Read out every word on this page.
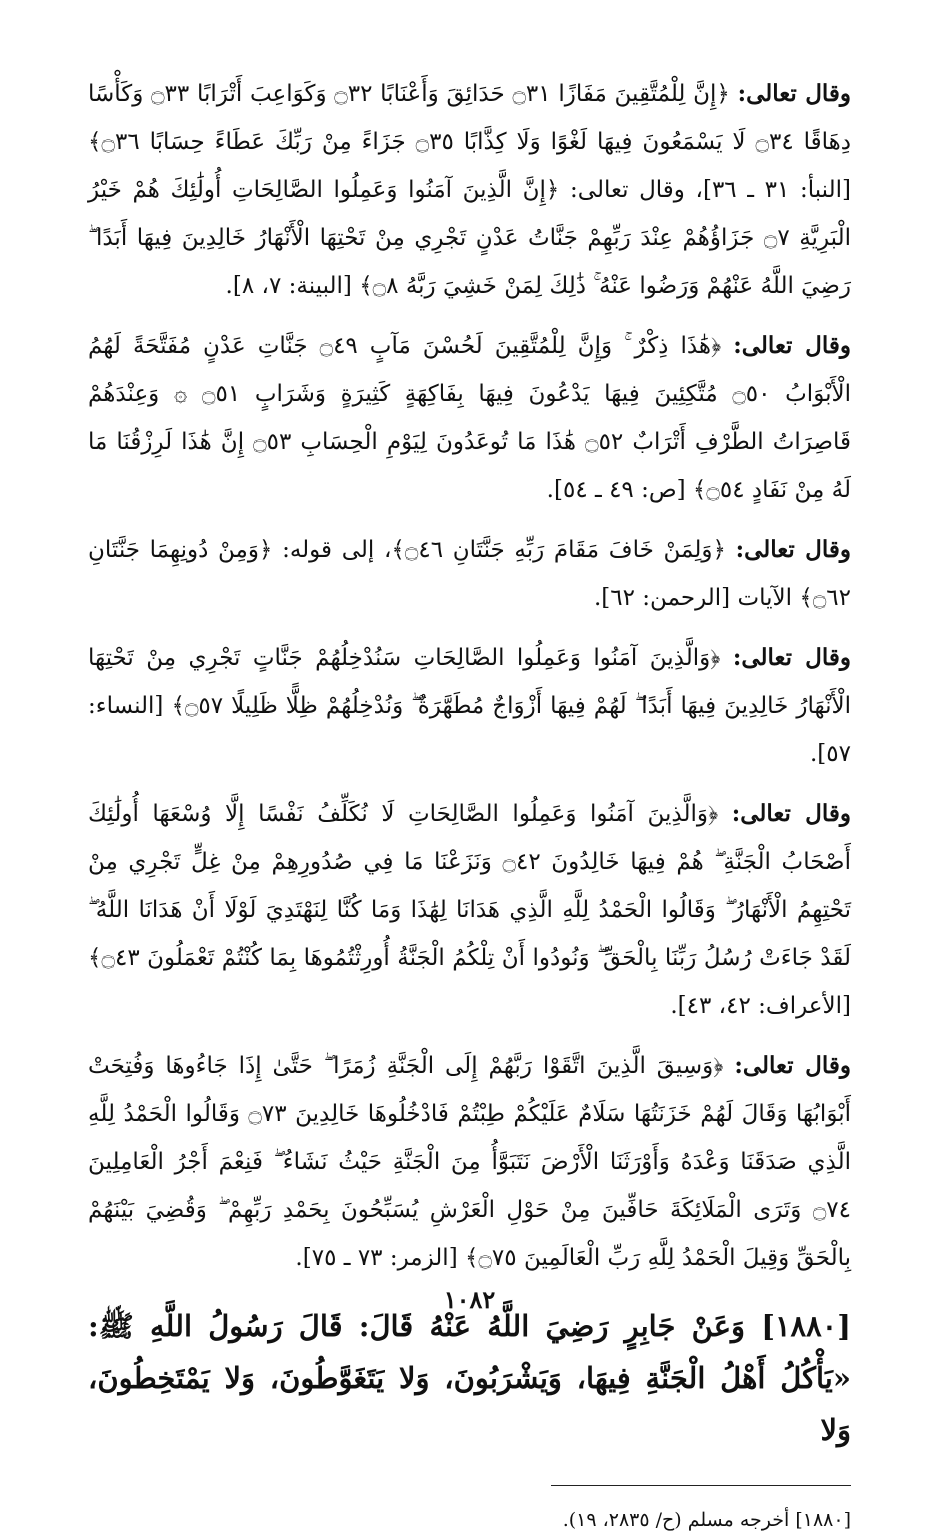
وقال تعالى: ﴿إِنَّ لِلْمُتَّقِينَ مَفَازًا ۝٣١ حَدَائِقَ وَأَعْنَابًا ۝٣٢ وَكَوَاعِبَ أَتْرَابًا ۝٣٣ وَكَأْسًا دِهَاقًا ۝٣٤ لَا يَسْمَعُونَ فِيهَا لَغْوًا وَلَا كِذَّابًا ۝٣٥ جَزَاءً مِنْ رَبِّكَ عَطَاءً حِسَابًا ۝٣٦﴾ [النبأ: ٣١ ـ ٣٦]، وقال تعالى: ﴿إِنَّ الَّذِينَ آمَنُوا وَعَمِلُوا الصَّالِحَاتِ أُولَٰئِكَ هُمْ خَيْرُ الْبَرِيَّةِ ۝٧ جَزَاؤُهُمْ عِنْدَ رَبِّهِمْ جَنَّاتُ عَدْنٍ تَجْرِي مِنْ تَحْتِهَا الْأَنْهَارُ خَالِدِينَ فِيهَا أَبَدًا ۖ رَضِيَ اللَّهُ عَنْهُمْ وَرَضُوا عَنْهُ ۚ ذَٰلِكَ لِمَنْ خَشِيَ رَبَّهُ ۝٨﴾ [البينة: ٧، ٨].

وقال تعالى: ﴿هَٰذَا ذِكْرٌ ۚ وَإِنَّ لِلْمُتَّقِينَ لَحُسْنَ مَآبٍ ۝٤٩ جَنَّاتِ عَدْنٍ مُفَتَّحَةً لَهُمُ الْأَبْوَابُ ۝٥٠ مُتَّكِئِينَ فِيهَا يَدْعُونَ فِيهَا بِفَاكِهَةٍ كَثِيرَةٍ وَشَرَابٍ ۝٥١ ۞ وَعِنْدَهُمْ قَاصِرَاتُ الطَّرْفِ أَتْرَابٌ ۝٥٢ هَٰذَا مَا تُوعَدُونَ لِيَوْمِ الْحِسَابِ ۝٥٣ إِنَّ هَٰذَا لَرِزْقُنَا مَا لَهُ مِنْ نَفَادٍ ۝٥٤﴾ [ص: ٤٩ ـ ٥٤].

وقال تعالى: ﴿وَلِمَنْ خَافَ مَقَامَ رَبِّهِ جَنَّتَانِ ۝٤٦﴾، إلى قوله: ﴿وَمِنْ دُونِهِمَا جَنَّتَانِ ۝٦٢﴾ الآيات [الرحمن: ٦٢].

وقال تعالى: ﴿وَالَّذِينَ آمَنُوا وَعَمِلُوا الصَّالِحَاتِ سَنُدْخِلُهُمْ جَنَّاتٍ تَجْرِي مِنْ تَحْتِهَا الْأَنْهَارُ خَالِدِينَ فِيهَا أَبَدًا ۖ لَهُمْ فِيهَا أَزْوَاجٌ مُطَهَّرَةٌ ۖ وَنُدْخِلُهُمْ ظِلًّا ظَلِيلًا ۝٥٧﴾ [النساء: ٥٧].

وقال تعالى: ﴿وَالَّذِينَ آمَنُوا وَعَمِلُوا الصَّالِحَاتِ لَا نُكَلِّفُ نَفْسًا إِلَّا وُسْعَهَا أُولَٰئِكَ أَصْحَابُ الْجَنَّةِ ۖ هُمْ فِيهَا خَالِدُونَ ۝٤٢ وَنَزَعْنَا مَا فِي صُدُورِهِمْ مِنْ غِلٍّ تَجْرِي مِنْ تَحْتِهِمُ الْأَنْهَارُ ۖ وَقَالُوا الْحَمْدُ لِلَّهِ الَّذِي هَدَانَا لِهَٰذَا وَمَا كُنَّا لِنَهْتَدِيَ لَوْلَا أَنْ هَدَانَا اللَّهُ ۖ لَقَدْ جَاءَتْ رُسُلُ رَبِّنَا بِالْحَقِّ ۖ وَنُودُوا أَنْ تِلْكُمُ الْجَنَّةُ أُورِثْتُمُوهَا بِمَا كُنْتُمْ تَعْمَلُونَ ۝٤٣﴾ [الأعراف: ٤٢، ٤٣].

وقال تعالى: ﴿وَسِيقَ الَّذِينَ اتَّقَوْا رَبَّهُمْ إِلَى الْجَنَّةِ زُمَرًا ۖ حَتَّىٰ إِذَا جَاءُوهَا وَفُتِحَتْ أَبْوَابُهَا وَقَالَ لَهُمْ خَزَنَتُهَا سَلَامٌ عَلَيْكُمْ طِبْتُمْ فَادْخُلُوهَا خَالِدِينَ ۝٧٣ وَقَالُوا الْحَمْدُ لِلَّهِ الَّذِي صَدَقَنَا وَعْدَهُ وَأَوْرَثَنَا الْأَرْضَ نَتَبَوَّأُ مِنَ الْجَنَّةِ حَيْثُ نَشَاءُ ۖ فَنِعْمَ أَجْرُ الْعَامِلِينَ ۝٧٤ وَتَرَى الْمَلَائِكَةَ حَافِّينَ مِنْ حَوْلِ الْعَرْشِ يُسَبِّحُونَ بِحَمْدِ رَبِّهِمْ ۖ وَقُضِيَ بَيْنَهُمْ بِالْحَقِّ وَقِيلَ الْحَمْدُ لِلَّهِ رَبِّ الْعَالَمِينَ ۝٧٥﴾ [الزمر: ٧٣ ـ ٧٥].

[١٨٨٠] وَعَنْ جَابِرٍ رَضِيَ اللَّهُ عَنْهُ قَالَ: قَالَ رَسُولُ اللَّهِ ﷺ: «يَأْكُلُ أَهْلُ الْجَنَّةِ فِيهَا، وَيَشْرَبُونَ، وَلا يَتَغَوَّطُونَ، وَلا يَمْتَخِطُونَ، وَلا

[١٨٨٠] أخرجه مسلم (ح/ ٢٨٣٥، ١٩).

١٠٨٢
